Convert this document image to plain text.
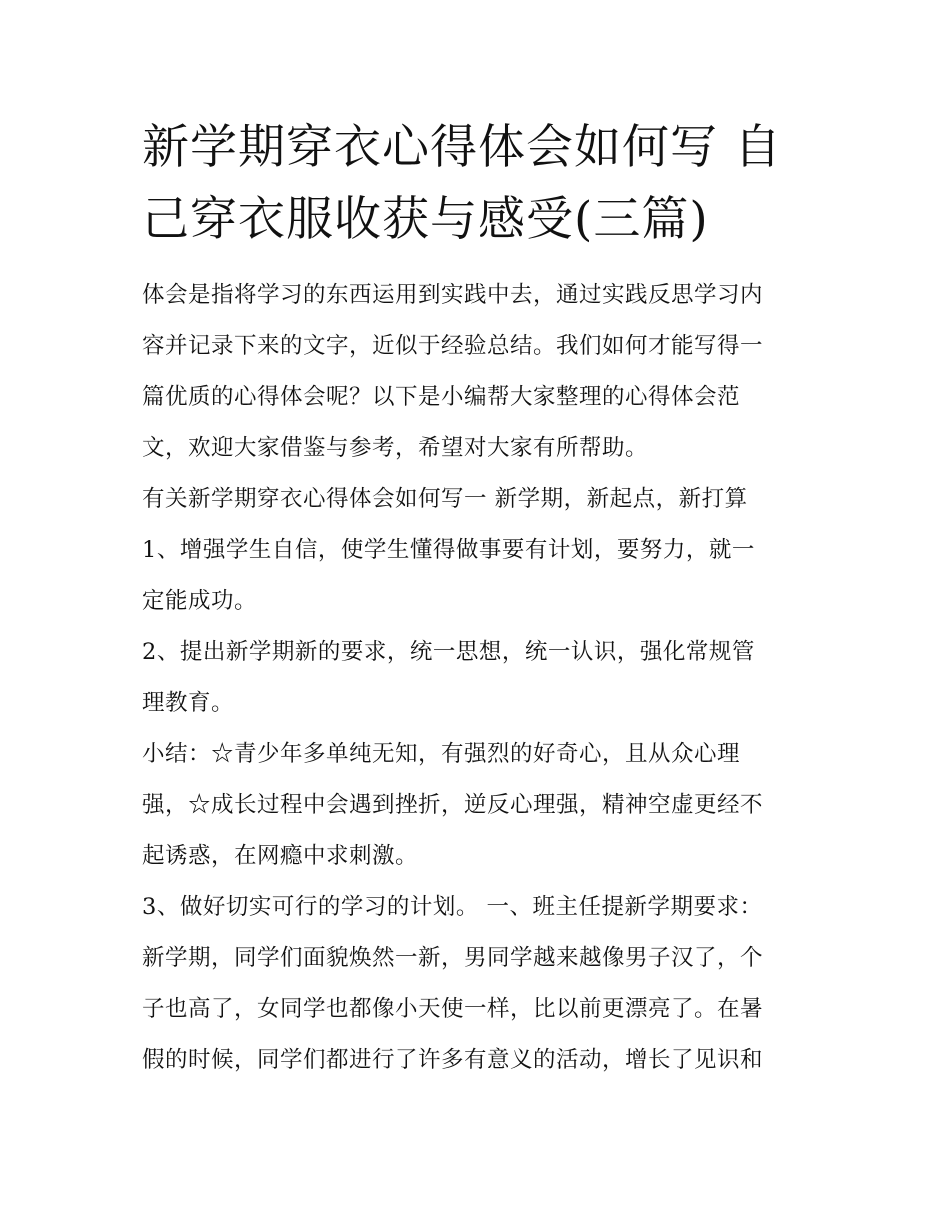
新学期穿衣心得体会如何写 自
己穿衣服收获与感受(三篇)

体会是指将学习的东西运用到实践中去，通过实践反思学习内
容并记录下来的文字，近似于经验总结。我们如何才能写得一
篇优质的心得体会呢？以下是小编帮大家整理的心得体会范
文，欢迎大家借鉴与参考，希望对大家有所帮助。

有关新学期穿衣心得体会如何写一 新学期，新起点，新打算

1、增强学生自信，使学生懂得做事要有计划，要努力，就一
定能成功。

2、提出新学期新的要求，统一思想，统一认识，强化常规管
理教育。

小结：☆青少年多单纯无知，有强烈的好奇心，且从众心理
强，☆成长过程中会遇到挫折，逆反心理强，精神空虚更经不
起诱惑，在网瘾中求刺激。

3、做好切实可行的学习的计划。 一、班主任提新学期要求：
新学期，同学们面貌焕然一新，男同学越来越像男子汉了，个
子也高了，女同学也都像小天使一样，比以前更漂亮了。在暑
假的时候，同学们都进行了许多有意义的活动，增长了见识和
